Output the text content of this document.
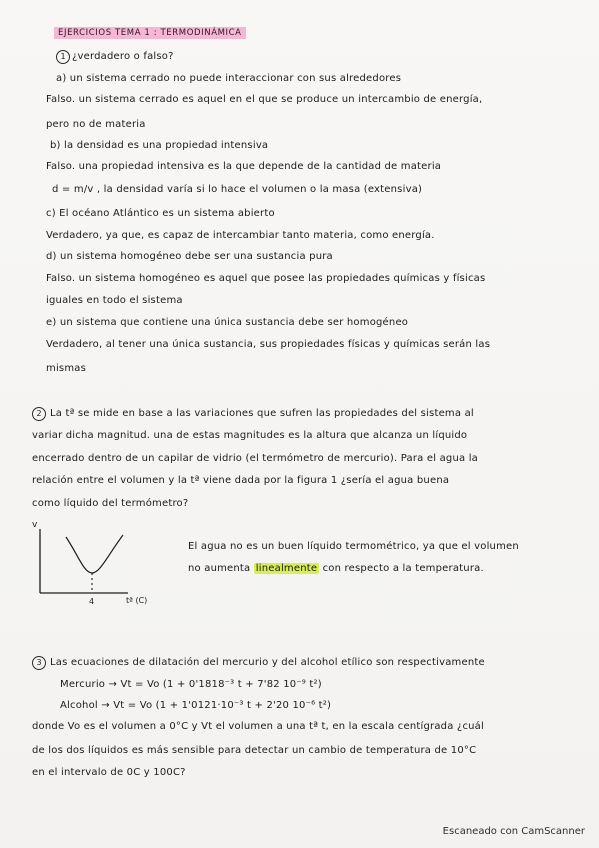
EJERCICIOS TEMA 1 : TERMODINÁMICA
1 ¿verdadero o falso?
a) un sistema cerrado no puede interaccionar con sus alrededores
Falso. un sistema cerrado es aquel en el que se produce un intercambio de energía,
pero no de materia
b) la densidad es una propiedad intensiva
Falso. una propiedad intensiva es la que depende de la cantidad de materia
d = m/v , la densidad varía si lo hace el volumen o la masa (extensiva)
c) El océano Atlántico es un sistema abierto
Verdadero, ya que, es capaz de intercambiar tanto materia, como energía.
d) un sistema homogéneo debe ser una sustancia pura
Falso. un sistema homogéneo es aquel que posee las propiedades químicas y físicas
iguales en todo el sistema
e) un sistema que contiene una única sustancia debe ser homogéneo
Verdadero, al tener una única sustancia, sus propiedades físicas y químicas serán las
mismas
2 La tª se mide en base a las variaciones que sufren las propiedades del sistema al
variar dicha magnitud. una de estas magnitudes es la altura que alcanza un líquido
encerrado dentro de un capilar de vidrio (el termómetro de mercurio). Para el agua la
relación entre el volumen y la tª viene dada por la figura 1 ¿sería el agua buena
como líquido del termómetro?
v
4	tª (C)
El agua no es un buen líquido termométrico, ya que el volumen
no aumenta linealmente con respecto a la temperatura.
3 Las ecuaciones de dilatación del mercurio y del alcohol etílico son respectivamente
Mercurio → Vt = Vo (1 + 0'1818⁻³ t + 7'82 10⁻⁹ t²)
Alcohol → Vt = Vo (1 + 1'0121·10⁻³ t + 2'20 10⁻⁶ t²)
donde Vo es el volumen a 0°C y Vt el volumen a una tª t, en la escala centígrada ¿cuál
de los dos líquidos es más sensible para detectar un cambio de temperatura de 10°C
en el intervalo de 0C y 100C?
Escaneado con CamScanner
